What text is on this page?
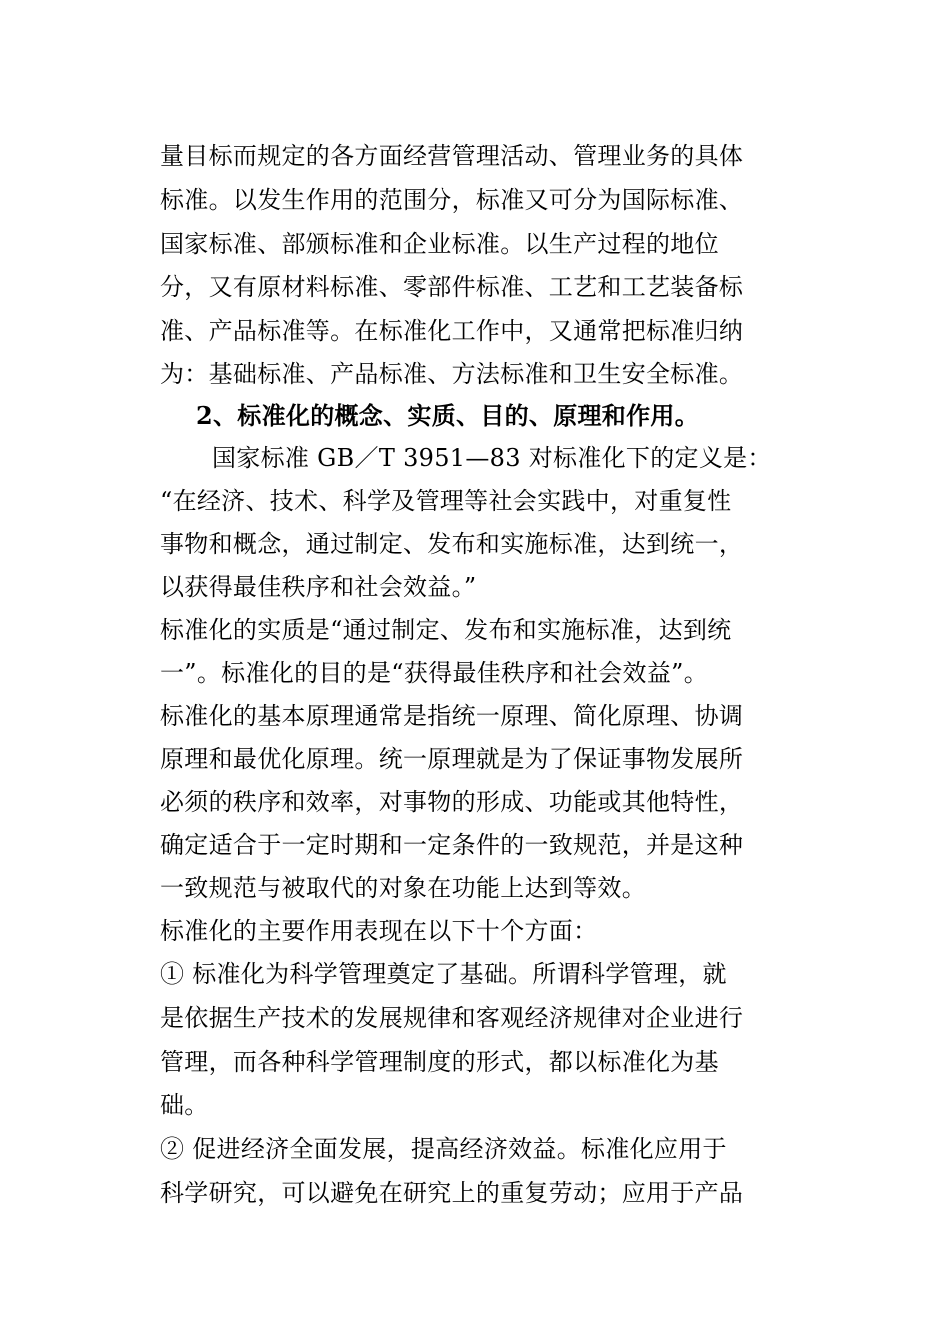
量目标而规定的各方面经营管理活动、管理业务的具体
标准。以发生作用的范围分，标准又可分为国际标准、
国家标准、部颁标准和企业标准。以生产过程的地位
分，又有原材料标准、零部件标准、工艺和工艺装备标
准、产品标准等。在标准化工作中，又通常把标准归纳
为：基础标准、产品标准、方法标准和卫生安全标准。
2、标准化的概念、实质、目的、原理和作用。
国家标准 GB／T 3951—83 对标准化下的定义是：
“在经济、技术、科学及管理等社会实践中，对重复性
事物和概念，通过制定、发布和实施标准，达到统一，
以获得最佳秩序和社会效益。”
标准化的实质是“通过制定、发布和实施标准，达到统
一”。标准化的目的是“获得最佳秩序和社会效益”。
标准化的基本原理通常是指统一原理、简化原理、协调
原理和最优化原理。统一原理就是为了保证事物发展所
必须的秩序和效率，对事物的形成、功能或其他特性，
确定适合于一定时期和一定条件的一致规范，并是这种
一致规范与被取代的对象在功能上达到等效。
标准化的主要作用表现在以下十个方面：
① 标准化为科学管理奠定了基础。所谓科学管理，就
是依据生产技术的发展规律和客观经济规律对企业进行
管理，而各种科学管理制度的形式，都以标准化为基
础。
② 促进经济全面发展，提高经济效益。标准化应用于
科学研究，可以避免在研究上的重复劳动；应用于产品
